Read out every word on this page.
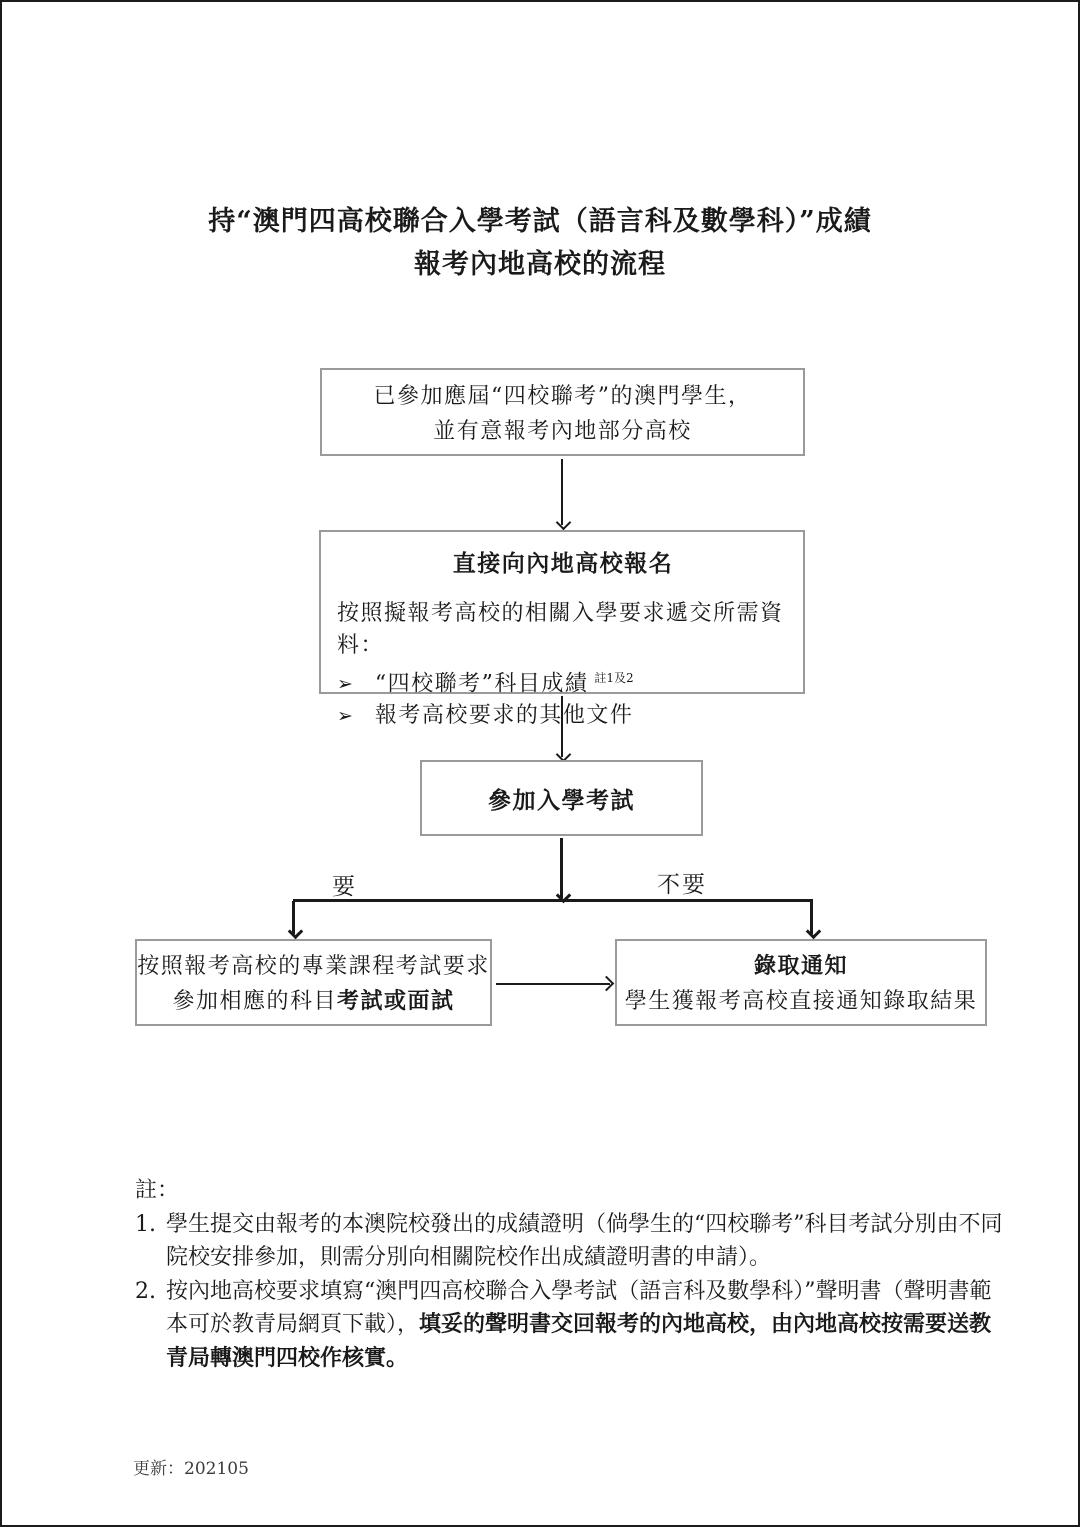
持“澳門四高校聯合入學考試（語言科及數學科）”成績
報考內地高校的流程
已參加應屆“四校聯考”的澳門學生，
並有意報考內地部分高校
直接向內地高校報名
按照擬報考高校的相關入學要求遞交所需資料：
➢ “四校聯考”科目成績 $^{註1及2}$
➢ 報考高校要求的其他文件
參加入學考試
要	不要
按照報考高校的專業課程考試要求
參加相應的科目考試或面試
錄取通知
學生獲報考高校直接通知錄取結果
註：
1. 學生提交由報考的本澳院校發出的成績證明（倘學生的“四校聯考”科目考試分別由不同院校安排參加，則需分別向相關院校作出成績證明書的申請）。
2. 按內地高校要求填寫“澳門四高校聯合入學考試（語言科及數學科）”聲明書（聲明書範本可於教青局網頁下載），填妥的聲明書交回報考的內地高校，由內地高校按需要送教青局轉澳門四校作核實。
更新：202105
